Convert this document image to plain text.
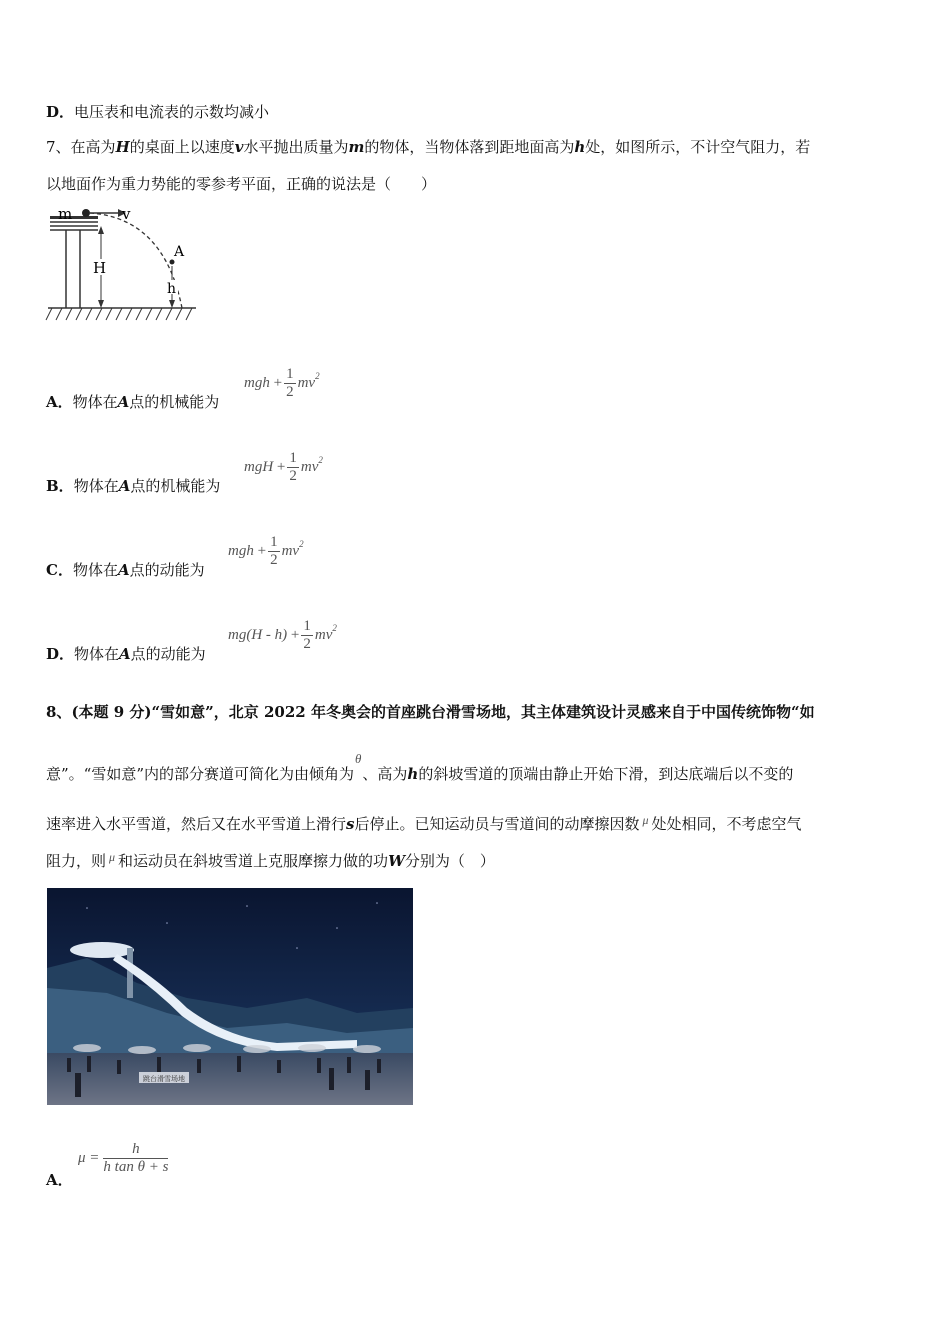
D．电压表和电流表的示数均减小
7、在高为H的桌面上以速度v水平抛出质量为m的物体，当物体落到距地面高为h处，如图所示，不计空气阻力，若
以地面作为重力势能的零参考平面，正确的说法是（　　）
m	v
A
H
h
A．物体在A点的机械能为
mgh + $\frac{1}{2} mv^2$
B．物体在A点的机械能为
mgH + $\frac{1}{2} mv^2$
C．物体在A点的动能为
mgh + $\frac{1}{2} mv^2$
D．物体在A点的动能为
$mg(H - h) + \frac{1}{2} mv^2$
8、(本题 9 分)“雪如意”，北京 2022 年冬奥会的首座跳台滑雪场地，其主体建筑设计灵感来自于中国传统饰物“如
意”。“雪如意”内的部分赛道可简化为由倾角为θ、高为h的斜坡雪道的顶端由静止开始下滑，到达底端后以不变的
速率进入水平雪道，然后又在水平雪道上滑行s后停止。已知运动员与雪道间的动摩擦因数 $^\mu$ 处处相同，不考虑空气
阻力，则 $^\mu$ 和运动员在斜坡雪道上克服摩擦力做的功W分别为（　）
跳台滑雪场地
A．
$\mu = \frac{h}{\text{h tan θ + s}}$
